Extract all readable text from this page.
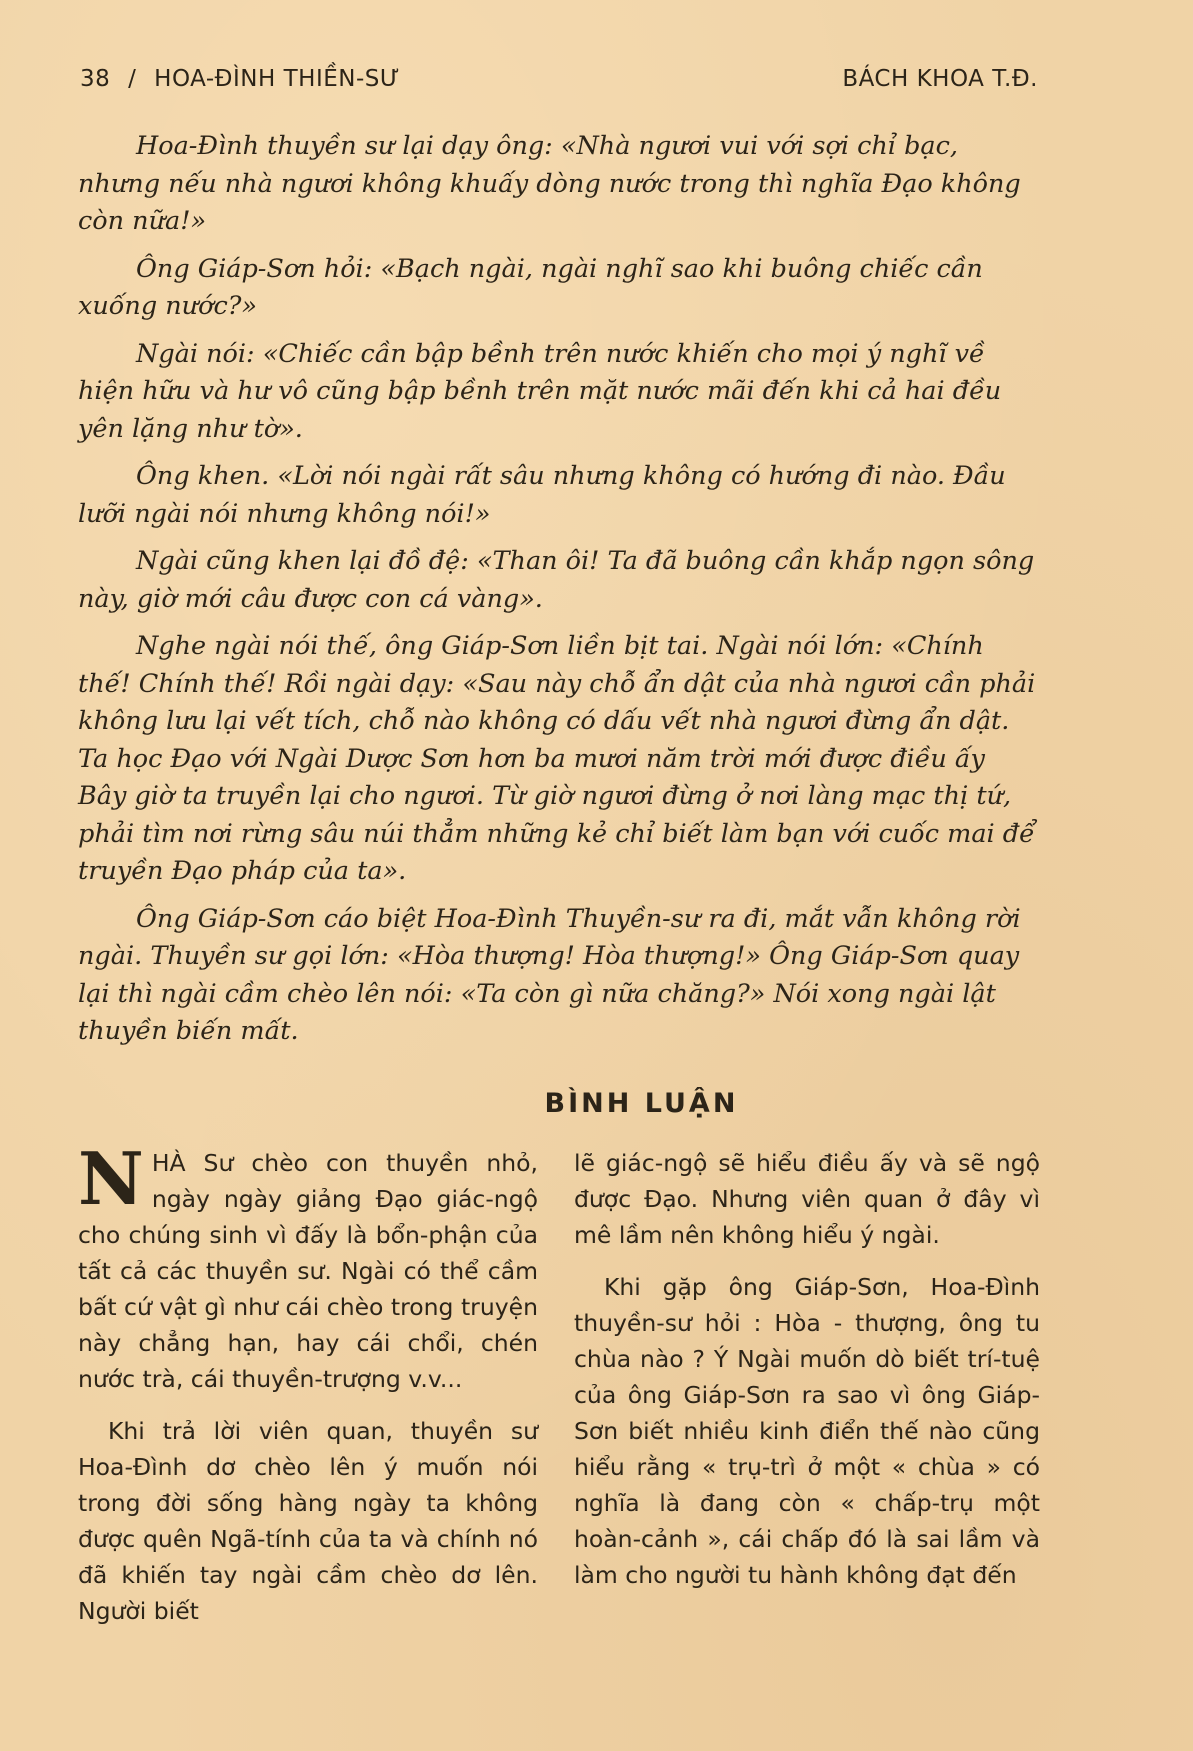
38 / HOA-ĐÌNH THIỀN-SƯ	BÁCH KHOA T.Đ.

Hoa-Đình thuyền sư lại dạy ông: «Nhà ngươi vui với sợi chỉ bạc, nhưng nếu nhà ngươi không khuấy dòng nước trong thì nghĩa Đạo không còn nữa!»

Ông Giáp-Sơn hỏi: «Bạch ngài, ngài nghĩ sao khi buông chiếc cần xuống nước?»

Ngài nói: «Chiếc cần bập bềnh trên nước khiến cho mọi ý nghĩ về hiện hữu và hư vô cũng bập bềnh trên mặt nước mãi đến khi cả hai đều yên lặng như tờ».

Ông khen. «Lời nói ngài rất sâu nhưng không có hướng đi nào. Đầu lưỡi ngài nói nhưng không nói!»

Ngài cũng khen lại đồ đệ: «Than ôi! Ta đã buông cần khắp ngọn sông này, giờ mới câu được con cá vàng».

Nghe ngài nói thế, ông Giáp-Sơn liền bịt tai. Ngài nói lớn: «Chính thế! Chính thế! Rồi ngài dạy: «Sau này chỗ ẩn dật của nhà ngươi cần phải không lưu lại vết tích, chỗ nào không có dấu vết nhà ngươi đừng ẩn dật. Ta học Đạo với Ngài Dược Sơn hơn ba mươi năm trời mới được điều ấy Bây giờ ta truyền lại cho ngươi. Từ giờ ngươi đừng ở nơi làng mạc thị tứ, phải tìm nơi rừng sâu núi thẳm những kẻ chỉ biết làm bạn với cuốc mai để truyền Đạo pháp của ta».

Ông Giáp-Sơn cáo biệt Hoa-Đình Thuyền-sư ra đi, mắt vẫn không rời ngài. Thuyền sư gọi lớn: «Hòa thượng! Hòa thượng!» Ông Giáp-Sơn quay lại thì ngài cầm chèo lên nói: «Ta còn gì nữa chăng?» Nói xong ngài lật thuyền biến mất.

BÌNH LUẬN

N HÀ Sư chèo con thuyền nhỏ, ngày ngày giảng Đạo giác-ngộ cho chúng sinh vì đấy là bổn-phận của tất cả các thuyền sư. Ngài có thể cầm bất cứ vật gì như cái chèo trong truyện này chẳng hạn, hay cái chổi, chén nước trà, cái thuyền-trượng v.v...

Khi trả lời viên quan, thuyền sư Hoa-Đình dơ chèo lên ý muốn nói trong đời sống hàng ngày ta không được quên Ngã-tính của ta và chính nó đã khiến tay ngài cầm chèo dơ lên. Người biết

lẽ giác-ngộ sẽ hiểu điều ấy và sẽ ngộ được Đạo. Nhưng viên quan ở đây vì mê lầm nên không hiểu ý ngài.

Khi gặp ông Giáp-Sơn, Hoa-Đình thuyền-sư hỏi : Hòa - thượng, ông tu chùa nào ? Ý Ngài muốn dò biết trí-tuệ của ông Giáp-Sơn ra sao vì ông Giáp-Sơn biết nhiều kinh điển thế nào cũng hiểu rằng « trụ-trì ở một « chùa » có nghĩa là đang còn « chấp-trụ một hoàn-cảnh », cái chấp đó là sai lầm và làm cho người tu hành không đạt đến
